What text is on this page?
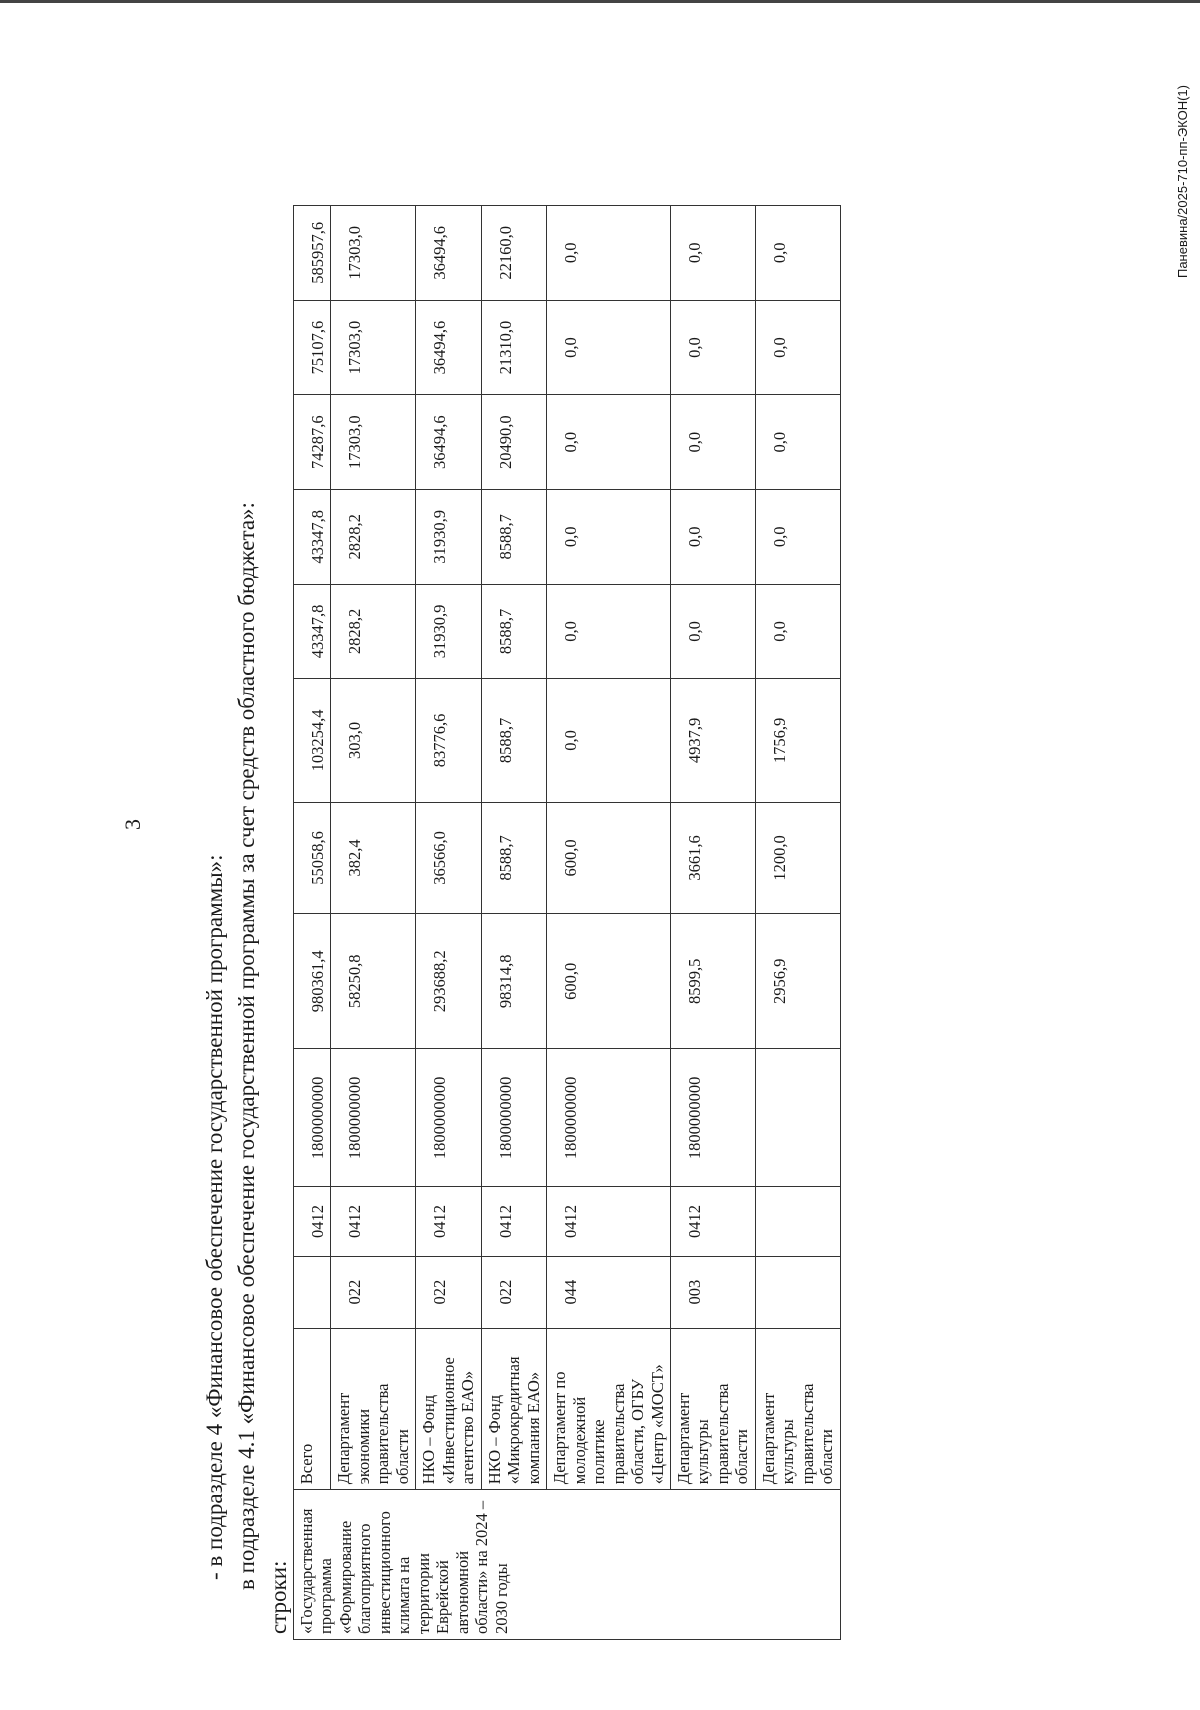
3
- в подразделе 4 «Финансовое обеспечение государственной программы»: в подразделе 4.1 «Финансовое обеспечение государственной программы за счет средств областного бюджета»:
строки: «Государственная программа «Формирование благоприятного инвестиционного климата на территории Еврейской автономной области» на 2024 – 2030 годы	Всего		0412	1800000000	980361,4	55058,6	103254,4	43347,8	43347,8	74287,6	75107,6	585957,6
	Департамент экономики правительства области	022	0412	1800000000	58250,8	382,4	303,0	2828,2	2828,2	17303,0	17303,0	17303,0
	НКО – Фонд «Инвестиционное агентство ЕАО»	022	0412	1800000000	293688,2	36566,0	83776,6	31930,9	31930,9	36494,6	36494,6	36494,6
	НКО – Фонд «Микрокредитная компания ЕАО»	022	0412	1800000000	98314,8	8588,7	8588,7	8588,7	8588,7	20490,0	21310,0	22160,0
	Департамент по молодежной политике правительства области, ОГБУ «Центр «МОСТ»	044	0412	1800000000	600,0	600,0	0,0	0,0	0,0	0,0	0,0	0,0
	Департамент культуры правительства области	003	0412	1800000000	8599,5	3661,6	4937,9	0,0	0,0	0,0	0,0	0,0
	Департамент культуры правительства области				2956,9	1200,0	1756,9	0,0	0,0	0,0	0,0	0,0	Паневина/2025-710-пп-ЭКОН(1)
